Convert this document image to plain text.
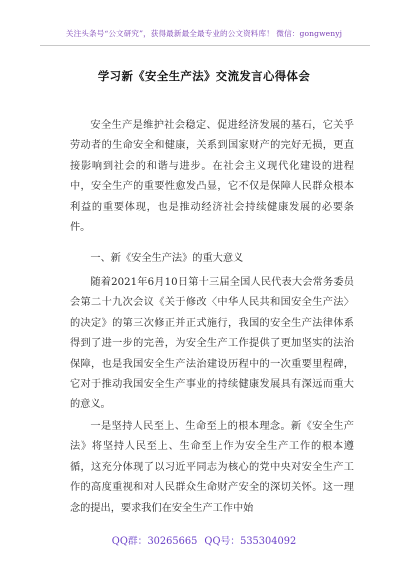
关注头条号“公文研究”，获得最新最全最专业的公文资料库！ 微信：gongwenyj
学习新《安全生产法》交流发言心得体会

安全生产是维护社会稳定、促进经济发展的基石，它关乎劳动者的生命安全和健康，关系到国家财产的完好无损，更直接影响到社会的和谐与进步。在社会主义现代化建设的进程中，安全生产的重要性愈发凸显，它不仅是保障人民群众根本利益的重要体现，也是推动经济社会持续健康发展的必要条件。

一、新《安全生产法》的重大意义

随着2021年6月10日第十三届全国人民代表大会常务委员会第二十九次会议《关于修改〈中华人民共和国安全生产法〉的决定》的第三次修正并正式施行，我国的安全生产法律体系得到了进一步的完善，为安全生产工作提供了更加坚实的法治保障，也是我国安全生产法治建设历程中的一次重要里程碑，它对于推动我国安全生产事业的持续健康发展具有深远而重大的意义。

一是坚持人民至上、生命至上的根本理念。新《安全生产法》将坚持人民至上、生命至上作为安全生产工作的根本遵循，这充分体现了以习近平同志为核心的党中央对安全生产工作的高度重视和对人民群众生命财产安全的深切关怀。这一理念的提出，要求我们在安全生产工作中始

QQ群：30265665 QQ号：535304092
